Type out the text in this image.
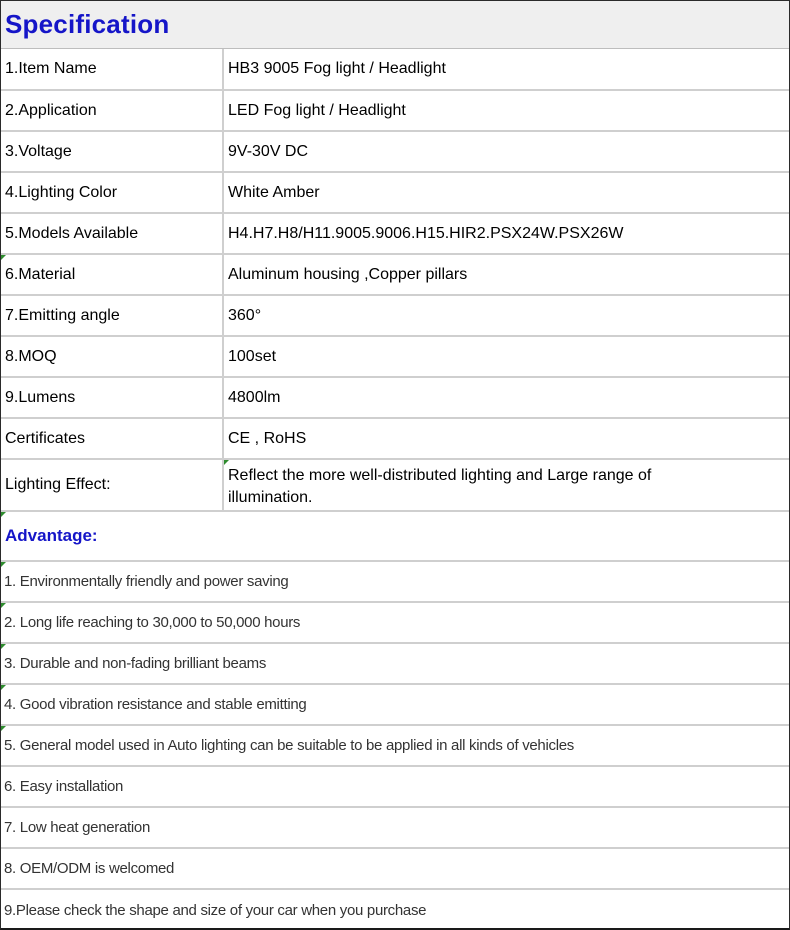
Specification
1.Item Name	HB3 9005 Fog light / Headlight
2.Application	LED Fog light / Headlight
3.Voltage	9V-30V DC
4.Lighting Color	White Amber
5.Models Available	H4.H7.H8/H11.9005.9006.H15.HIR2.PSX24W.PSX26W
6.Material	Aluminum housing ,Copper pillars
7.Emitting angle	360°
8.MOQ	100set
9.Lumens	4800lm
Certificates	CE , RoHS
Lighting Effect:	Reflect the more well-distributed lighting and Large range of illumination.
Advantage:
1. Environmentally friendly and power saving
2. Long life reaching to 30,000 to 50,000 hours
3. Durable and non-fading brilliant beams
4. Good vibration resistance and stable emitting
5. General model used in Auto lighting can be suitable to be applied in all kinds of vehicles
6. Easy installation
7. Low heat generation
8. OEM/ODM is welcomed
9.Please check the shape and size of your car when you purchase
